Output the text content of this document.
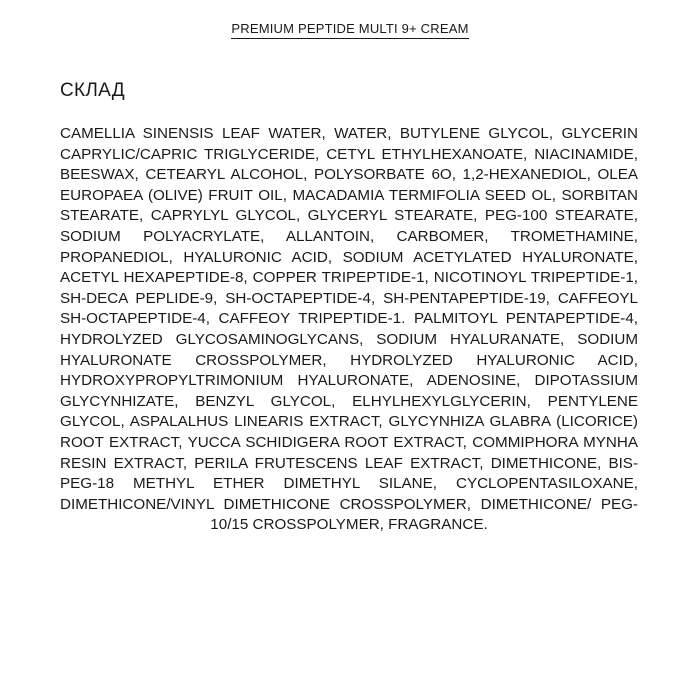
PREMIUM PEPTIDE MULTI 9+ CREAM
СКЛАД

CAMELLIA SINENSIS LEAF WATER, WATER, BUTYLENE GLYCOL, GLYCERIN CAPRYLIC/CAPRIC TRIGLYCERIDE, CETYL ETHYLHEXANOATE, NIACINAMIDE, BEESWAX, CETEARYL ALCOHOL, POLYSORBATE 6O, 1,2-HEXANEDIOL, OLEA EUROPAEA (OLIVE) FRUIT OIL, MACADAMIA TERMIFOLIA SEED OL, SORBITAN STEARATE, CAPRYLYL GLYCOL, GLYCERYL STEARATE, PEG-100 STEARATE, SODIUM POLYACRYLATE, ALLANTOIN, CARBOMER, TROMETHAMINE, PROPANEDIOL, HYALURONIC ACID, SODIUM ACETYLATED HYALURONATE, ACETYL HEXAPEPTIDE-8, COPPER TRIPEPTIDE-1, NICOTINOYL TRIPEPTIDE-1, SH-DECA PEPLIDE-9, SH-OCTAPEPTIDE-4, SH-PENTAPEPTIDE-19, CAFFEOYL SH-OCTAPEPTIDE-4, CAFFEOY TRIPEPTIDE-1. PALMITOYL PENTAPEPTIDE-4, HYDROLYZED GLYCOSAMINOGLYCANS, SODIUM HYALURANATE, SODIUM HYALURONATE CROSSPOLYMER, HYDROLYZED HYALURONIC ACID, HYDROXYPROPYLTRIMONIUM HYALURONATE, ADENOSINE, DIPOTASSIUM GLYCYNHIZATE, BENZYL GLYCOL, ELHYLHEXYLGLYCERIN, PENTYLENE GLYCOL, ASPALALHUS LINEARIS EXTRACT, GLYCYNHIZA GLABRA (LICORICE) ROOT EXTRACT, YUCCA SCHIDIGERA ROOT EXTRACT, COMMIPHORA MYNHA RESIN EXTRACT, PERILA FRUTESCENS LEAF EXTRACT, DIMETHICONE, BIS-PEG-18 METHYL ETHER DIMETHYL SILANE, CYCLOPENTASILOXANE, DIMETHICONE/VINYL DIMETHICONE CROSSPOLYMER, DIMETHICONE/ PEG-10/15 CROSSPOLYMER, FRAGRANCE.
